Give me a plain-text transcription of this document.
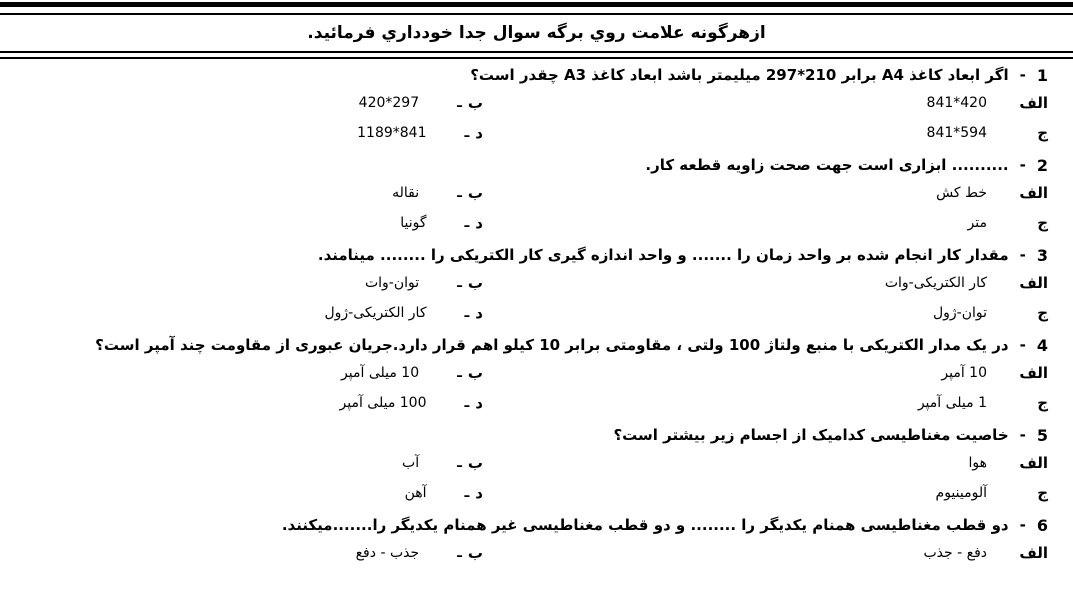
ازهرگونه علامت روي برگه سوال جدا خودداري فرمائيد.
1
-
اگر ابعاد كاغذ A4 برابر 210*297 میلیمتر باشد ابعاد كاغذ A3 چقدر است؟
الف
420*841
ب
ـ
297*420
ج
594*841
د
ـ
841*1189
2
-
.......... ابزاری است جهت صحت زاویه قطعه كار.
الف
خط كش
ب
ـ
نقاله
ج
متر
د
ـ
گونیا
3
-
مقدار كار انجام شده بر واحد زمان را ....... و واحد اندازه گیری كار الكتریكی را ........ مینامند.
الف
كار الكتریكی-وات
ب
ـ
توان-وات
ج
توان-ژول
د
ـ
كار الكتریكی-ژول
4
-
در یک مدار الكتریكی با منبع ولتاژ 100 ولتی ، مقاومتی برابر 10 كیلو اهم قرار دارد.جریان عبوری از مقاومت چند آمپر است؟
الف
10 آمپر
ب
ـ
10 میلی آمپر
ج
1 میلی آمپر
د
ـ
100 میلی آمپر
5
-
خاصیت مغناطیسی كدامیک از اجسام زیر بیشتر است؟
الف
هوا
ب
ـ
آب
ج
آلومینیوم
د
ـ
آهن
6
-
دو قطب مغناطیسی همنام یكدیگر را ........ و دو قطب مغناطیسی غیر همنام یكدیگر را.......میكنند.
الف
دفع - جذب
ب
ـ
جذب - دفع
